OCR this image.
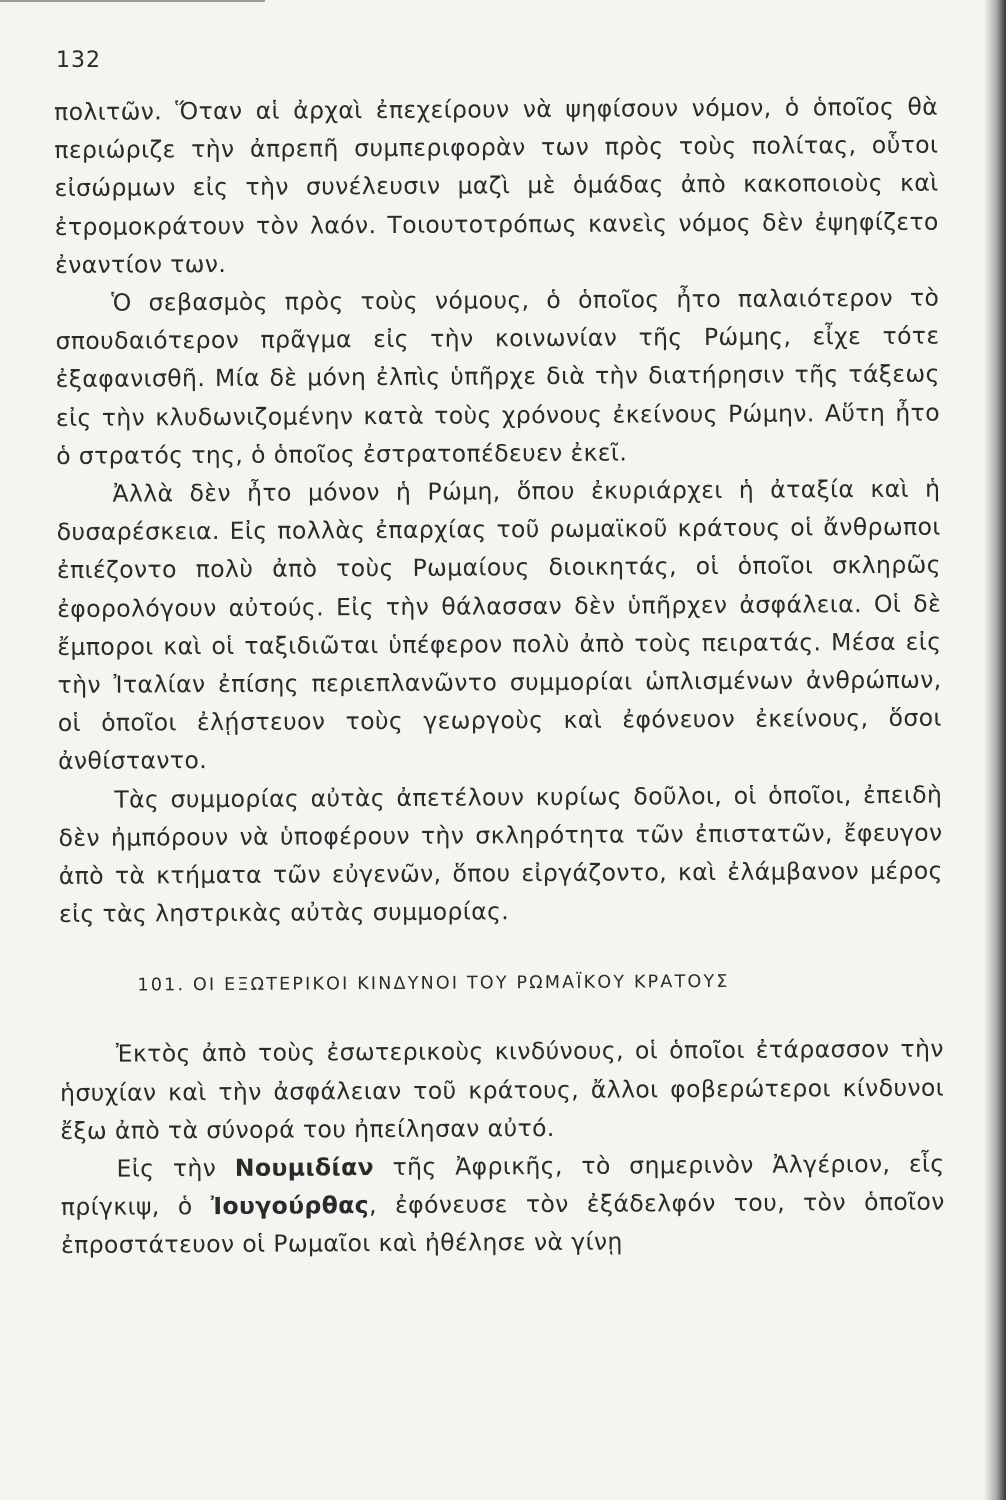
132

πολιτῶν. Ὅταν αἱ ἀρχαὶ ἐπεχείρουν νὰ ψηφίσουν νόμον, ὁ ὁποῖος θὰ περιώριζε τὴν ἀπρεπῆ συμπεριφορὰν των πρὸς τοὺς πολίτας, οὗτοι εἰσώρμων εἰς τὴν συνέλευσιν μαζὶ μὲ ὁμάδας ἀπὸ κακοποιοὺς καὶ ἐτρομοκράτουν τὸν λαόν. Τοιουτοτρόπως κανεὶς νόμος δὲν ἐψηφίζετο ἐναντίον των.

Ὁ σεβασμὸς πρὸς τοὺς νόμους, ὁ ὁποῖος ἦτο παλαιότερον τὸ σπουδαιότερον πρᾶγμα εἰς τὴν κοινωνίαν τῆς Ρώμης, εἶχε τότε ἐξαφανισθῆ. Μία δὲ μόνη ἐλπὶς ὑπῆρχε διὰ τὴν διατήρησιν τῆς τάξεως εἰς τὴν κλυδωνιζομένην κατὰ τοὺς χρόνους ἐκείνους Ρώμην. Αὕτη ἦτο ὁ στρατός της, ὁ ὁποῖος ἐστρατοπέδευεν ἐκεῖ.

Ἀλλὰ δὲν ἦτο μόνον ἡ Ρώμη, ὅπου ἐκυριάρχει ἡ ἀταξία καὶ ἡ δυσαρέσκεια. Εἰς πολλὰς ἐπαρχίας τοῦ ρωμαϊκοῦ κράτους οἱ ἄνθρωποι ἐπιέζοντο πολὺ ἀπὸ τοὺς Ρωμαίους διοικητάς, οἱ ὁποῖοι σκληρῶς ἐφορολόγουν αὐτούς. Εἰς τὴν θάλασσαν δὲν ὑπῆρχεν ἀσφάλεια. Οἱ δὲ ἔμποροι καὶ οἱ ταξιδιῶται ὑπέφερον πολὺ ἀπὸ τοὺς πειρατάς. Μέσα εἰς τὴν Ἰταλίαν ἐπίσης περιεπλανῶντο συμμορίαι ὡπλισμένων ἀνθρώπων, οἱ ὁποῖοι ἐλῄστευον τοὺς γεωργοὺς καὶ ἐφόνευον ἐκείνους, ὅσοι ἀνθίσταντο.

Τὰς συμμορίας αὐτὰς ἀπετέλουν κυρίως δοῦλοι, οἱ ὁποῖοι, ἐπειδὴ δὲν ἠμπόρουν νὰ ὑποφέρουν τὴν σκληρότητα τῶν ἐπιστατῶν, ἔφευγον ἀπὸ τὰ κτήματα τῶν εὐγενῶν, ὅπου εἰργάζοντο, καὶ ἐλάμβανον μέρος εἰς τὰς ληστρικὰς αὐτὰς συμμορίας.

101. ΟΙ ΕΞΩΤΕΡΙΚΟΙ ΚΙΝΔΥΝΟΙ ΤΟΥ ΡΩΜΑΪΚΟΥ ΚΡΑΤΟΥΣ

Ἐκτὸς ἀπὸ τοὺς ἐσωτερικοὺς κινδύνους, οἱ ὁποῖοι ἐτάρασσον τὴν ἡσυχίαν καὶ τὴν ἀσφάλειαν τοῦ κράτους, ἄλλοι φοβερώτεροι κίνδυνοι ἔξω ἀπὸ τὰ σύνορά του ἠπείλησαν αὐτό.

Εἰς τὴν Νουμιδίαν τῆς Ἀφρικῆς, τὸ σημερινὸν Ἀλγέριον, εἷς πρίγκιψ, ὁ Ἰουγούρθας, ἐφόνευσε τὸν ἐξάδελφόν του, τὸν ὁποῖον ἐπροστάτευον οἱ Ρωμαῖοι καὶ ἠθέλησε νὰ γίνῃ
